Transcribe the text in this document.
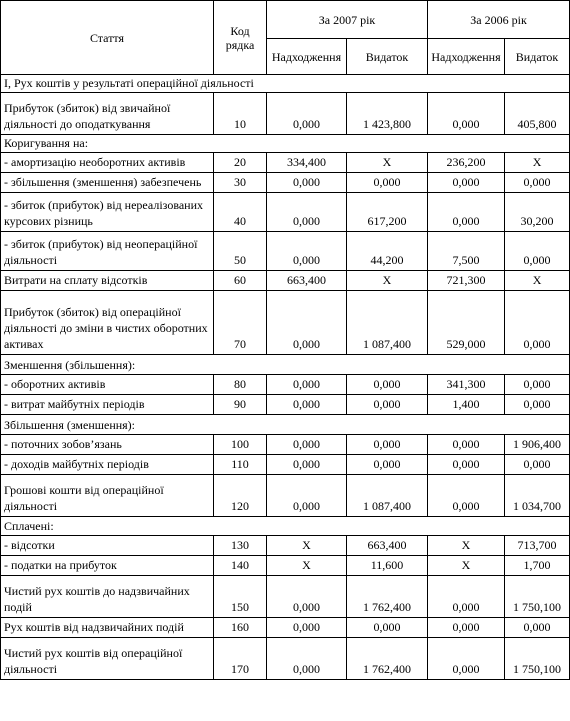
Стаття	Код рядка	За 2007 рік		За 2006 рік	
		Надходження	Видаток	Надходження	Видаток
І, Рух коштів у результаті операційної діяльності					
Прибуток (збиток) від звичайної діяльності до оподаткування	10	0,000	1 423,800	0,000	405,800
Коригування на:					
- амортизацію необоротних активів	20	334,400	X	236,200	X
- збільшення (зменшення) забезпечень	30	0,000	0,000	0,000	0,000
- збиток (прибуток) від нереалізованих курсових різниць	40	0,000	617,200	0,000	30,200
- збиток (прибуток) від неопераційної діяльності	50	0,000	44,200	7,500	0,000
Витрати на сплату відсотків	60	663,400	X	721,300	X
Прибуток (збиток) від операційної діяльності до зміни в чистих оборотних активах	70	0,000	1 087,400	529,000	0,000
Зменшення (збільшення):					
- оборотних активів	80	0,000	0,000	341,300	0,000
- витрат майбутніх періодів	90	0,000	0,000	1,400	0,000
Збільшення (зменшення):					
- поточних зобов’язань	100	0,000	0,000	0,000	1 906,400
- доходів майбутніх періодів	110	0,000	0,000	0,000	0,000
Грошові кошти від операційної діяльності	120	0,000	1 087,400	0,000	1 034,700
Сплачені:					
- відсотки	130	X	663,400	X	713,700
- податки на прибуток	140	X	11,600	X	1,700
Чистий рух коштів до надзвичайних подій	150	0,000	1 762,400	0,000	1 750,100
Рух коштів від надзвичайних подій	160	0,000	0,000	0,000	0,000
Чистий рух коштів від операційної діяльності	170	0,000	1 762,400	0,000	1 750,100
